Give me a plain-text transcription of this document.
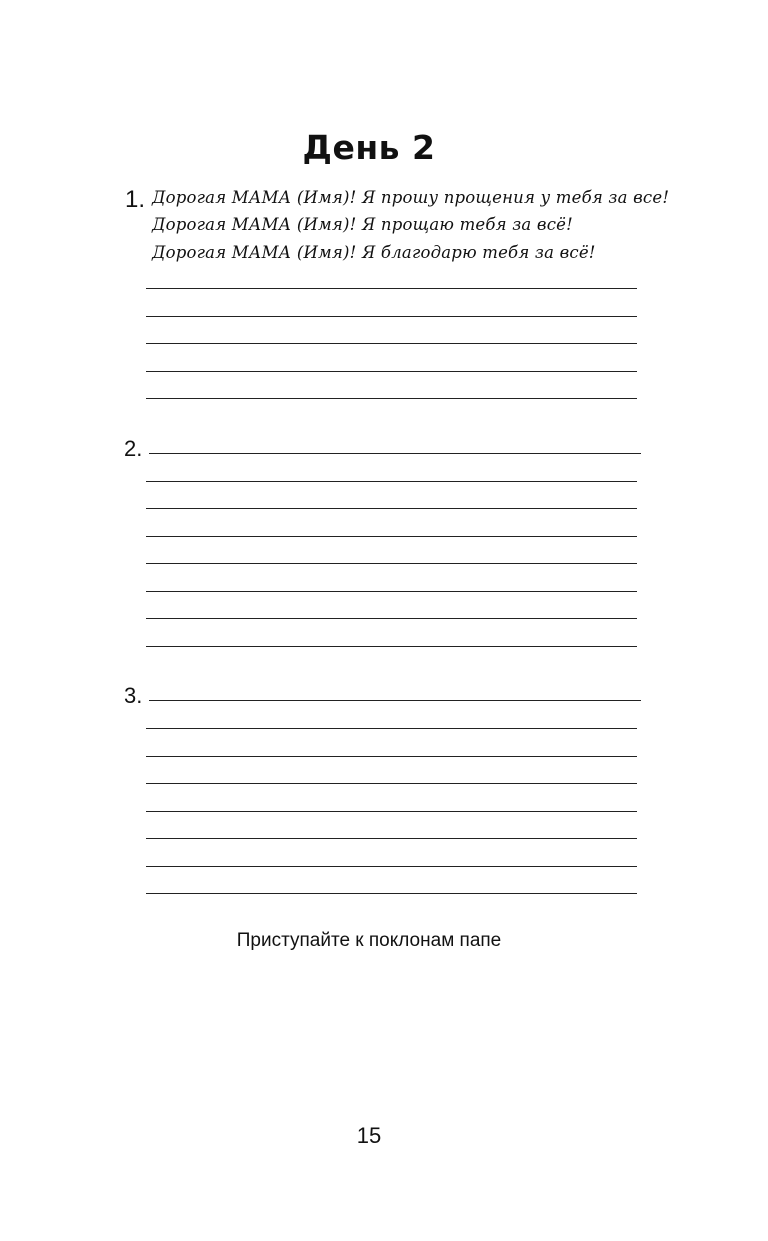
День 2
1. Дорогая МАМА (Имя)! Я прошу прощения у тебя за все!
Дорогая МАМА (Имя)! Я прощаю тебя за всё!
Дорогая МАМА (Имя)! Я благодарю тебя за всё!
2.
3.
Приступайте к поклонам папе
15
